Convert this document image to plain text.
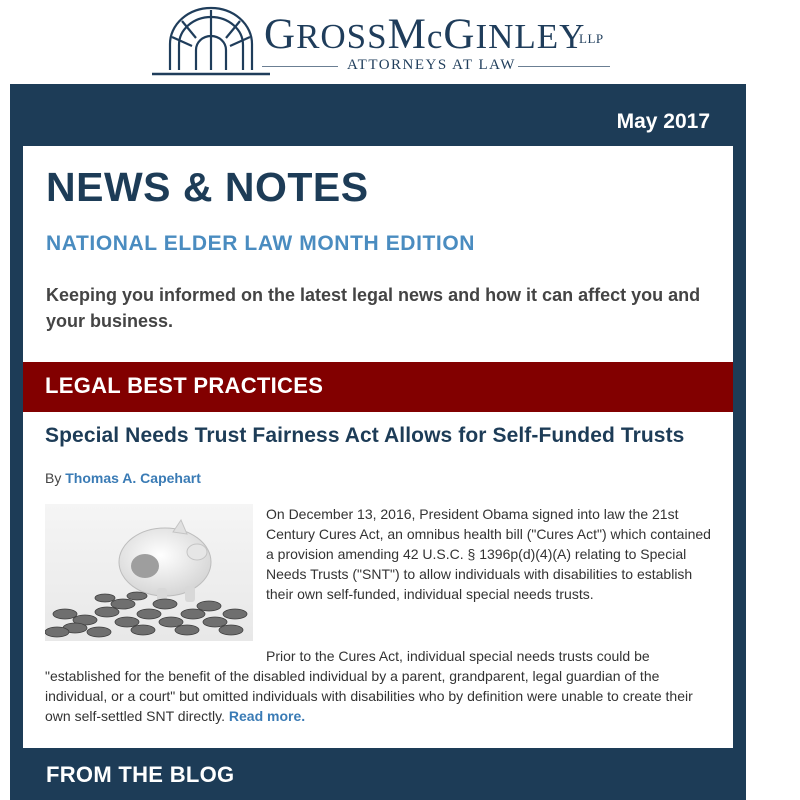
GROSSMcGINLEY
LLP
ATTORNEYS AT LAW
May 2017
NEWS & NOTES
NATIONAL ELDER LAW MONTH EDITION
Keeping you informed on the latest legal news and how it can affect you and your business.
LEGAL BEST PRACTICES
Special Needs Trust Fairness Act Allows for Self-Funded Trusts
By Thomas A. Capehart
On December 13, 2016, President Obama signed into law the 21st Century Cures Act, an omnibus health bill ("Cures Act") which contained a provision amending 42 U.S.C. § 1396p(d)(4)(A) relating to Special Needs Trusts ("SNT") to allow individuals with disabilities to establish their own self-funded, individual special needs trusts.
Prior to the Cures Act, individual special needs trusts could be
"established for the benefit of the disabled individual by a parent, grandparent, legal guardian of the individual, or a court" but omitted individuals with disabilities who by definition were unable to create their own self-settled SNT directly. Read more.
FROM THE BLOG
